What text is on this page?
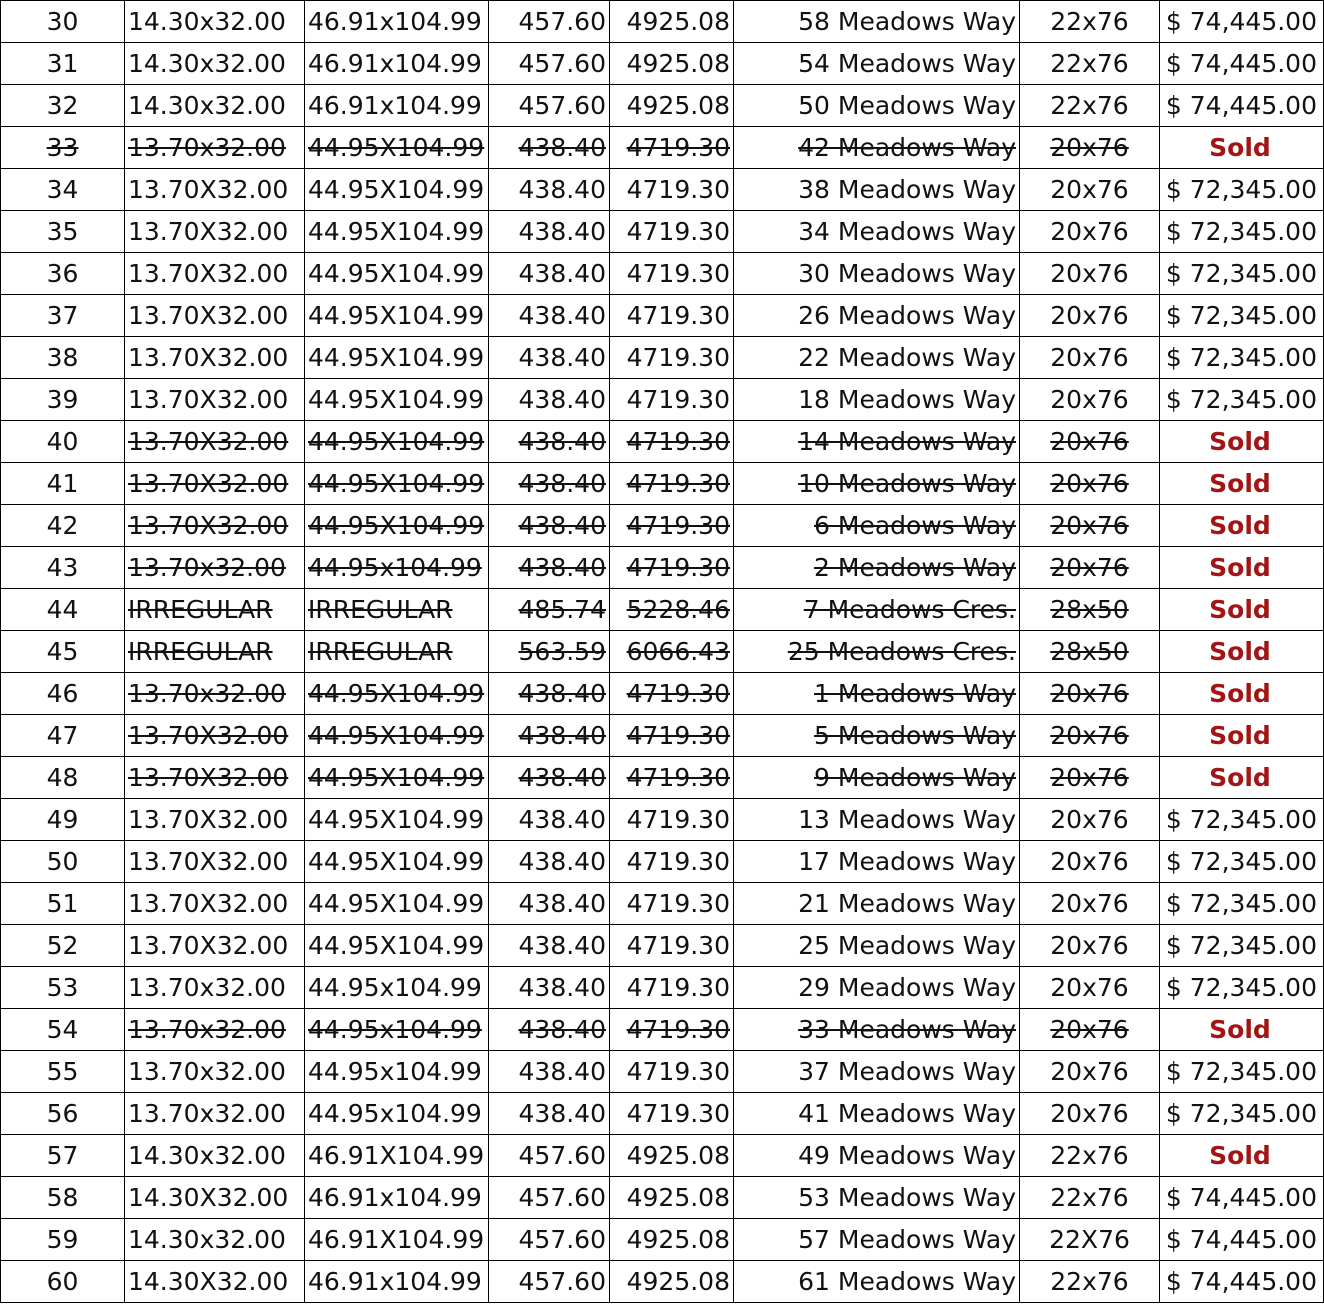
30	14.30x32.00	46.91x104.99	457.60	4925.08	58 Meadows Way	22x76	$ 74,445.00
31	14.30x32.00	46.91x104.99	457.60	4925.08	54 Meadows Way	22x76	$ 74,445.00
32	14.30x32.00	46.91x104.99	457.60	4925.08	50 Meadows Way	22x76	$ 74,445.00
33	13.70x32.00	44.95X104.99	438.40	4719.30	42 Meadows Way	20x76	Sold
34	13.70X32.00	44.95X104.99	438.40	4719.30	38 Meadows Way	20x76	$ 72,345.00
35	13.70X32.00	44.95X104.99	438.40	4719.30	34 Meadows Way	20x76	$ 72,345.00
36	13.70X32.00	44.95X104.99	438.40	4719.30	30 Meadows Way	20x76	$ 72,345.00
37	13.70X32.00	44.95X104.99	438.40	4719.30	26 Meadows Way	20x76	$ 72,345.00
38	13.70X32.00	44.95X104.99	438.40	4719.30	22 Meadows Way	20x76	$ 72,345.00
39	13.70X32.00	44.95X104.99	438.40	4719.30	18 Meadows Way	20x76	$ 72,345.00
40	13.70X32.00	44.95X104.99	438.40	4719.30	14 Meadows Way	20x76	Sold
41	13.70X32.00	44.95X104.99	438.40	4719.30	10 Meadows Way	20x76	Sold
42	13.70X32.00	44.95X104.99	438.40	4719.30	6 Meadows Way	20x76	Sold
43	13.70x32.00	44.95x104.99	438.40	4719.30	2 Meadows Way	20x76	Sold
44	IRREGULAR	IRREGULAR	485.74	5228.46	7 Meadows Cres.	28x50	Sold
45	IRREGULAR	IRREGULAR	563.59	6066.43	25 Meadows Cres.	28x50	Sold
46	13.70x32.00	44.95X104.99	438.40	4719.30	1 Meadows Way	20x76	Sold
47	13.70X32.00	44.95X104.99	438.40	4719.30	5 Meadows Way	20x76	Sold
48	13.70X32.00	44.95X104.99	438.40	4719.30	9 Meadows Way	20x76	Sold
49	13.70X32.00	44.95X104.99	438.40	4719.30	13 Meadows Way	20x76	$ 72,345.00
50	13.70X32.00	44.95X104.99	438.40	4719.30	17 Meadows Way	20x76	$ 72,345.00
51	13.70X32.00	44.95X104.99	438.40	4719.30	21 Meadows Way	20x76	$ 72,345.00
52	13.70X32.00	44.95X104.99	438.40	4719.30	25 Meadows Way	20x76	$ 72,345.00
53	13.70x32.00	44.95x104.99	438.40	4719.30	29 Meadows Way	20x76	$ 72,345.00
54	13.70x32.00	44.95x104.99	438.40	4719.30	33 Meadows Way	20x76	Sold
55	13.70x32.00	44.95x104.99	438.40	4719.30	37 Meadows Way	20x76	$ 72,345.00
56	13.70x32.00	44.95x104.99	438.40	4719.30	41 Meadows Way	20x76	$ 72,345.00
57	14.30x32.00	46.91X104.99	457.60	4925.08	49 Meadows Way	22x76	Sold
58	14.30X32.00	46.91x104.99	457.60	4925.08	53 Meadows Way	22x76	$ 74,445.00
59	14.30x32.00	46.91X104.99	457.60	4925.08	57 Meadows Way	22X76	$ 74,445.00
60	14.30X32.00	46.91x104.99	457.60	4925.08	61 Meadows Way	22x76	$ 74,445.00
